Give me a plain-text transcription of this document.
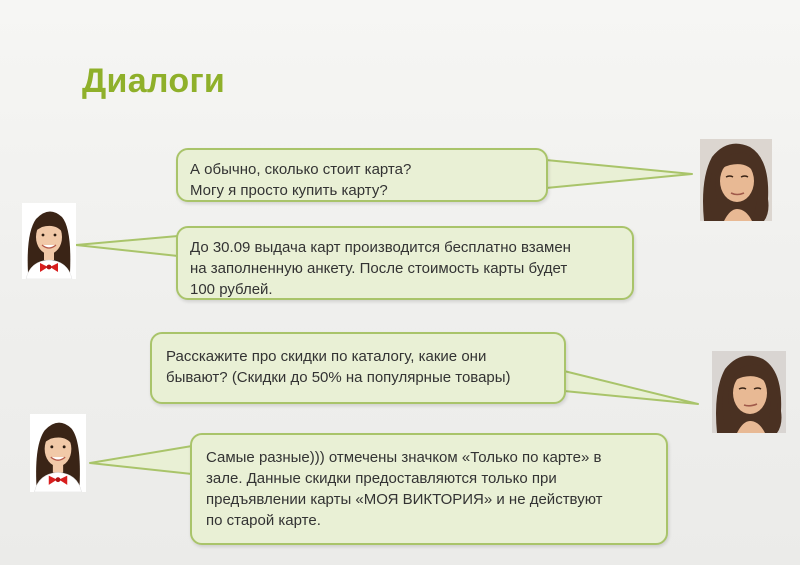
Диалоги

А обычно, сколько стоит карта?

Могу я просто купить карту?

До 30.09 выдача карт производится бесплатно взамен

на заполненную анкету. После стоимость карты будет

100 рублей.

Расскажите про скидки по каталогу, какие они

бывают? (Скидки до 50% на популярные товары)

Самые разные))) отмечены значком «Только по карте» в

зале. Данные скидки предоставляются только при

предъявлении карты «МОЯ ВИКТОРИЯ» и не действуют

по старой карте.
